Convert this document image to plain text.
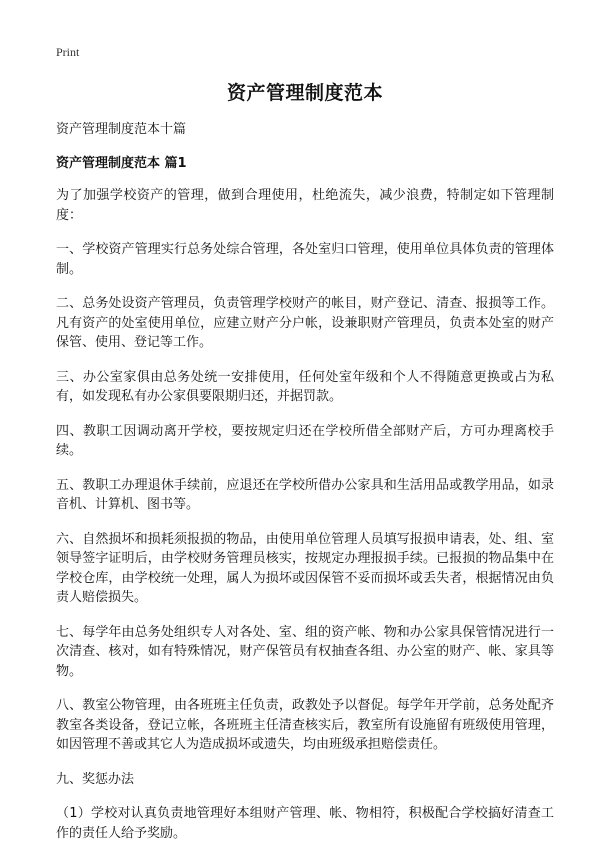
Print
资产管理制度范本
资产管理制度范本十篇
资产管理制度范本 篇1

为了加强学校资产的管理，做到合理使用，杜绝流失，减少浪费，特制定如下管理制度：

一、学校资产管理实行总务处综合管理，各处室归口管理，使用单位具体负责的管理体制。

二、总务处设资产管理员，负责管理学校财产的帐目，财产登记、清查、报损等工作。凡有资产的处室使用单位，应建立财产分户帐，设兼职财产管理员，负责本处室的财产保管、使用、登记等工作。

三、办公室家俱由总务处统一安排使用，任何处室年级和个人不得随意更换或占为私有，如发现私有办公家俱要限期归还，并据罚款。

四、教职工因调动离开学校，要按规定归还在学校所借全部财产后，方可办理离校手续。

五、教职工办理退休手续前，应退还在学校所借办公家具和生活用品或教学用品，如录音机、计算机、图书等。

六、自然损坏和损耗须报损的物品，由使用单位管理人员填写报损申请表，处、组、室领导签字证明后，由学校财务管理员核实，按规定办理报损手续。已报损的物品集中在学校仓库，由学校统一处理，属人为损坏或因保管不妥而损坏或丢失者，根据情况由负责人赔偿损失。

七、每学年由总务处组织专人对各处、室、组的资产帐、物和办公家具保管情况进行一次清查、核对，如有特殊情况，财产保管员有权抽查各组、办公室的财产、帐、家具等物。

八、教室公物管理，由各班班主任负责，政教处予以督促。每学年开学前，总务处配齐教室各类设备，登记立帐，各班班主任清查核实后，教室所有设施留有班级使用管理，如因管理不善或其它人为造成损坏或遗失，均由班级承担赔偿责任。

九、奖惩办法

（1）学校对认真负责地管理好本组财产管理、帐、物相符，积极配合学校搞好清查工作的责任人给予奖励。
